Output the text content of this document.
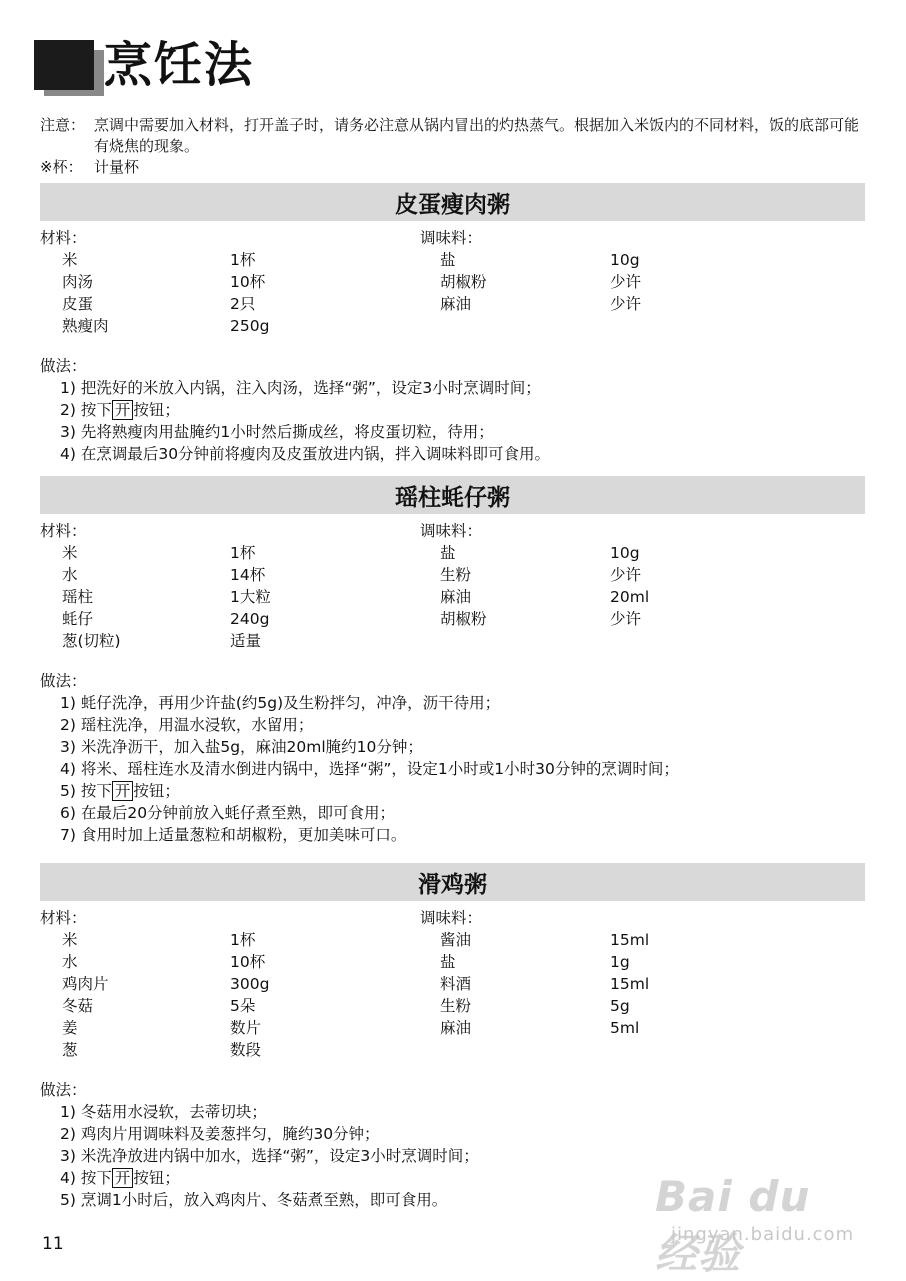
烹饪法
注意： 烹调中需要加入材料，打开盖子时，请务必注意从锅内冒出的灼热蒸气。根据加入米饭内的不同材料，饭的底部可能有烧焦的现象。
※杯： 计量杯
皮蛋瘦肉粥
材料：	调味料：
米	1杯	盐	10g
肉汤	10杯	胡椒粉	少许
皮蛋	2只	麻油	少许
熟瘦肉	250g
做法：
1) 把洗好的米放入内锅，注入肉汤，选择“粥”，设定3小时烹调时间；
2) 按下 开 按钮；
3) 先将熟瘦肉用盐腌约1小时然后撕成丝，将皮蛋切粒，待用；
4) 在烹调最后30分钟前将瘦肉及皮蛋放进内锅，拌入调味料即可食用。
瑶柱蚝仔粥
材料：	调味料：
米	1杯	盐	10g
水	14杯	生粉	少许
瑶柱	1大粒	麻油	20ml
蚝仔	240g	胡椒粉	少许
葱(切粒)	适量
做法：
1) 蚝仔洗净，再用少许盐(约5g)及生粉拌匀，冲净，沥干待用；
2) 瑶柱洗净，用温水浸软，水留用；
3) 米洗净沥干，加入盐5g，麻油20ml腌约10分钟；
4) 将米、瑶柱连水及清水倒进内锅中，选择“粥”，设定1小时或1小时30分钟的烹调时间；
5) 按下 开 按钮；
6) 在最后20分钟前放入蚝仔煮至熟，即可食用；
7) 食用时加上适量葱粒和胡椒粉，更加美味可口。
滑鸡粥
材料：	调味料：
米	1杯	酱油	15ml
水	10杯	盐	1g
鸡肉片	300g	料酒	15ml
冬菇	5朵	生粉	5g
姜	数片	麻油	5ml
葱	数段
做法：
1) 冬菇用水浸软，去蒂切块；
2) 鸡肉片用调味料及姜葱拌匀，腌约30分钟；
3) 米洗净放进内锅中加水，选择“粥”，设定3小时烹调时间；
4) 按下 开 按钮；
5) 烹调1小时后，放入鸡肉片、冬菇煮至熟，即可食用。
11
Bai du 经验
jingyan.baidu.com
